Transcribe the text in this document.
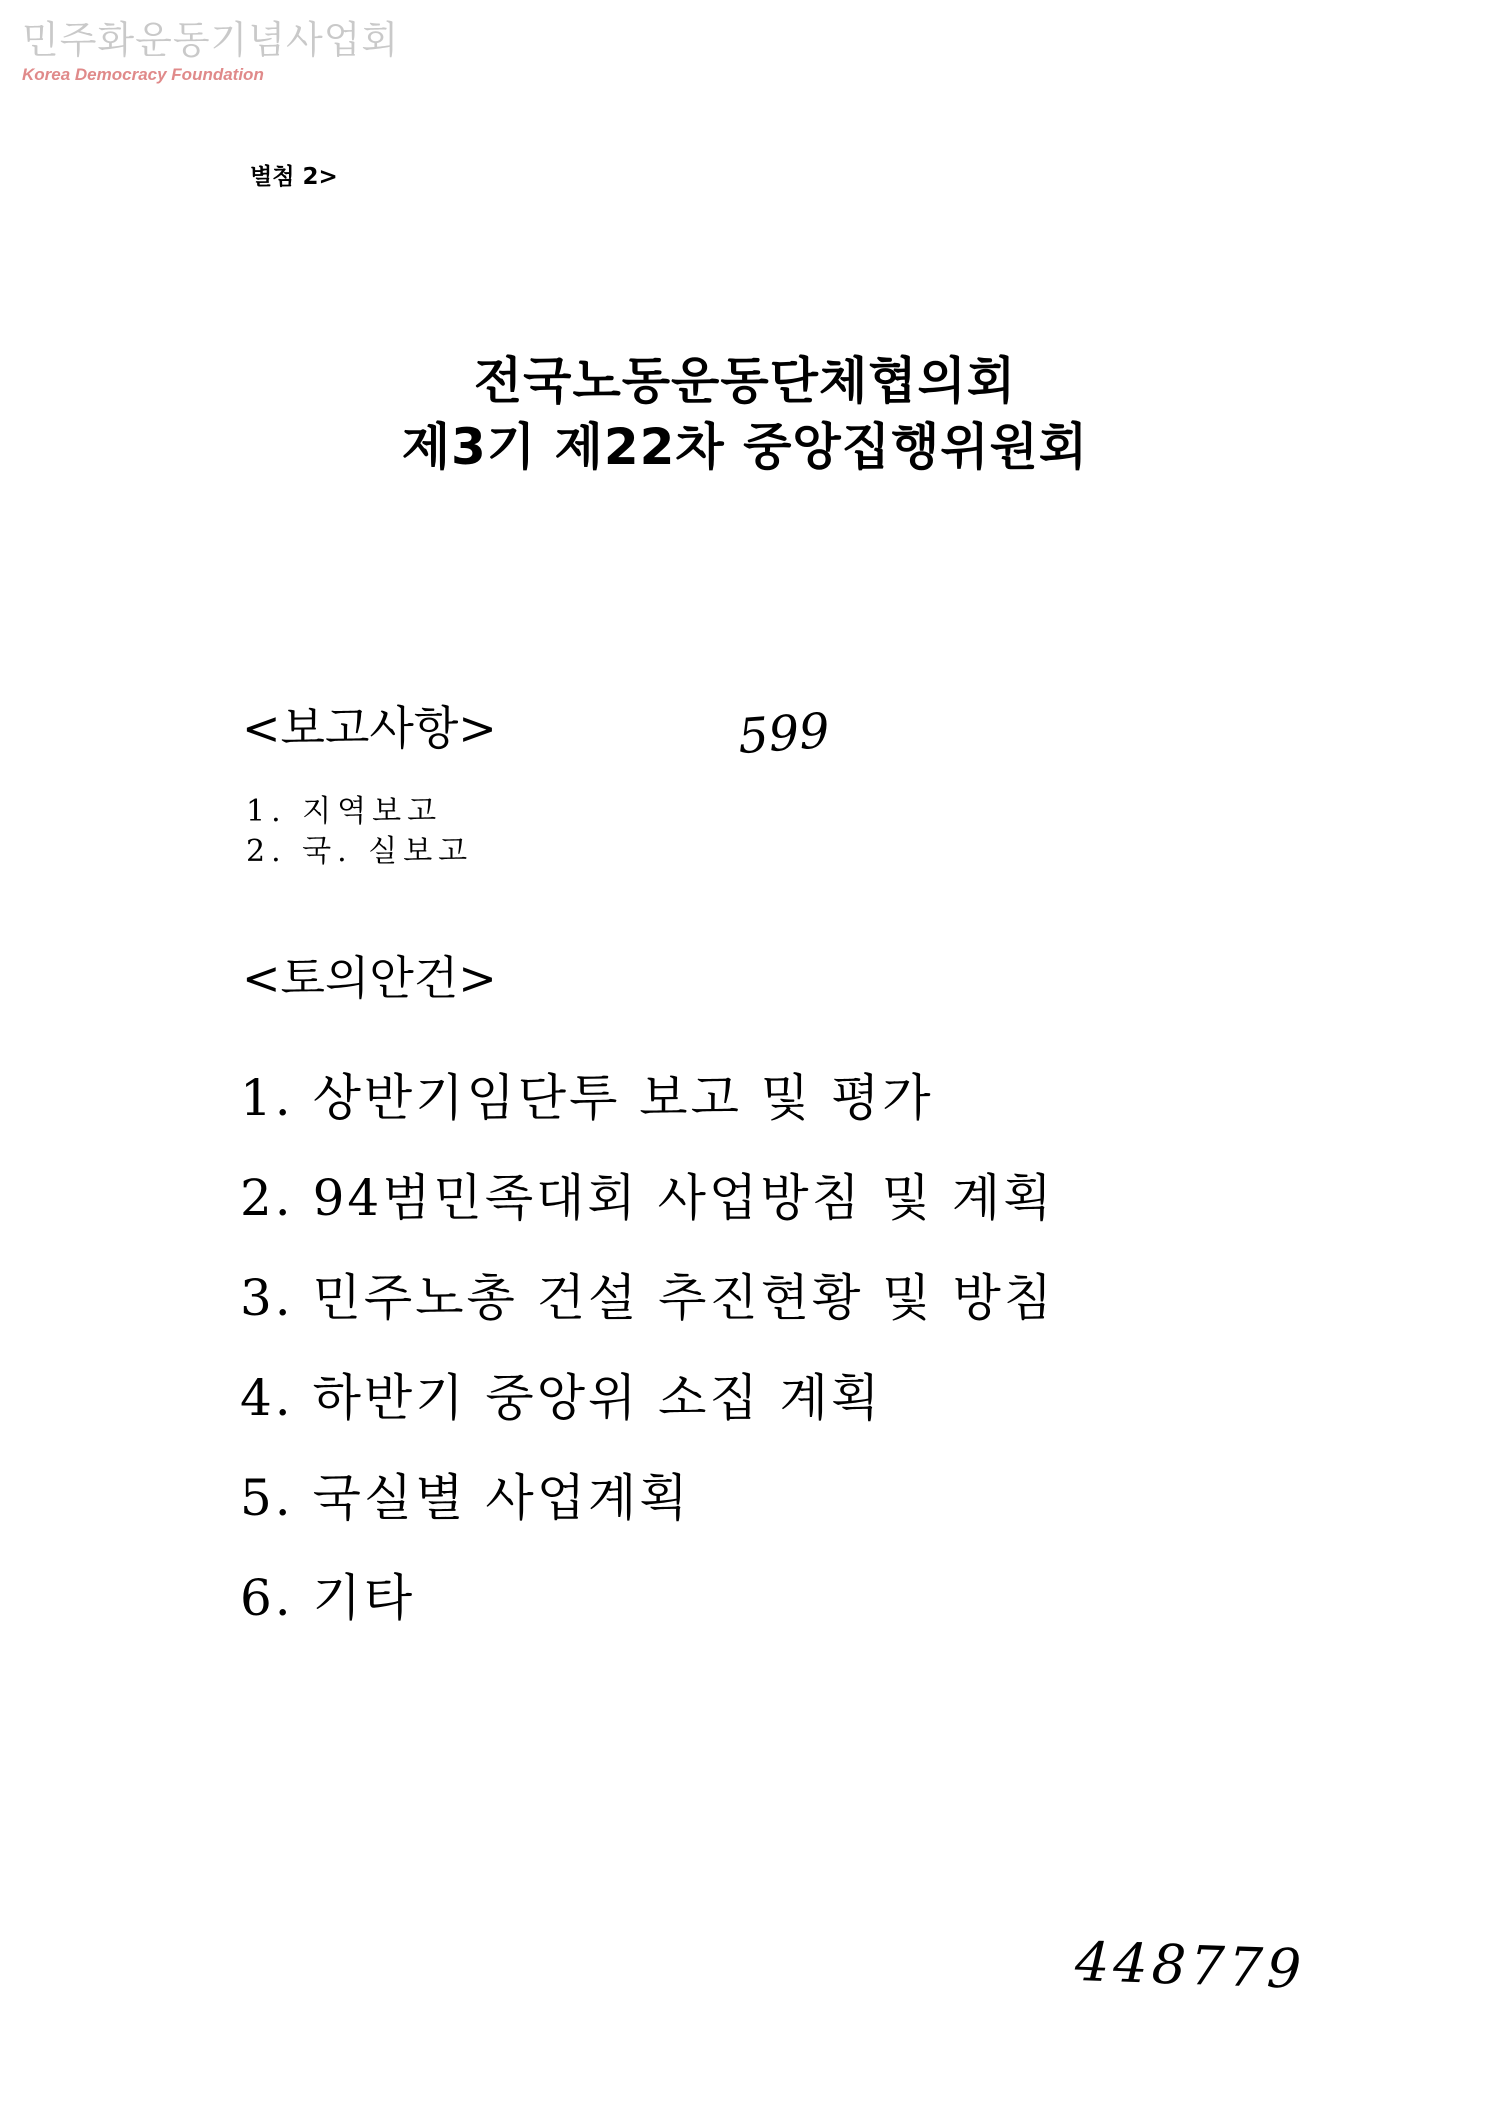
민주화운동기념사업회
Korea Democracy Foundation
별첨 2>
전국노동운동단체협의회
제3기 제22차 중앙집행위원회
<보고사항>	599
1. 지역보고
2. 국. 실보고
<토의안건>
1. 상반기임단투 보고 및 평가
2. 94범민족대회 사업방침 및 계획
3. 민주노총 건설 추진현황 및 방침
4. 하반기 중앙위 소집 계획
5. 국실별 사업계획
6. 기타
448779
